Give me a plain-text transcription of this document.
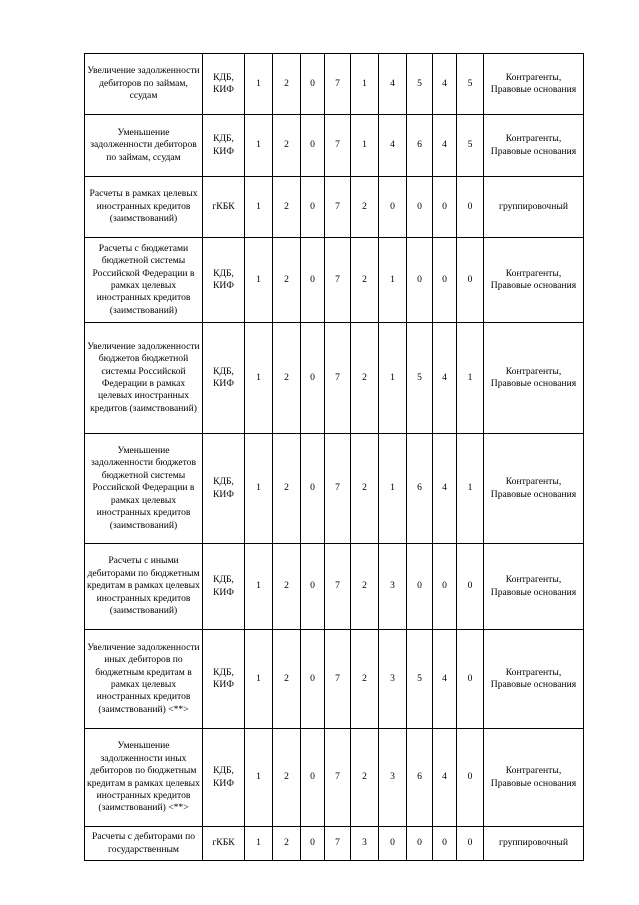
Увеличение задолженности дебиторов по займам, ссудам	КДБ, КИФ	1	2	0	7	1	4	5	4	5	Контрагенты, Правовые основания
Уменьшение задолженности дебиторов по займам, ссудам	КДБ, КИФ	1	2	0	7	1	4	6	4	5	Контрагенты, Правовые основания
Расчеты в рамках целевых иностранных кредитов (заимствований)	гКБК	1	2	0	7	2	0	0	0	0	группировочный
Расчеты с бюджетами бюджетной системы Российской Федерации в рамках целевых иностранных кредитов (заимствований)	КДБ, КИФ	1	2	0	7	2	1	0	0	0	Контрагенты, Правовые основания
Увеличение задолженности бюджетов бюджетной системы Российской Федерации в рамках целевых иностранных кредитов (заимствований)	КДБ, КИФ	1	2	0	7	2	1	5	4	1	Контрагенты, Правовые основания
Уменьшение задолженности бюджетов бюджетной системы Российской Федерации в рамках целевых иностранных кредитов (заимствований)	КДБ, КИФ	1	2	0	7	2	1	6	4	1	Контрагенты, Правовые основания
Расчеты с иными дебиторами по бюджетным кредитам в рамках целевых иностранных кредитов (заимствований)	КДБ, КИФ	1	2	0	7	2	3	0	0	0	Контрагенты, Правовые основания
Увеличение задолженности иных дебиторов по бюджетным кредитам в рамках целевых иностранных кредитов (заимствований) <**>	КДБ, КИФ	1	2	0	7	2	3	5	4	0	Контрагенты, Правовые основания
Уменьшение задолженности иных дебиторов по бюджетным кредитам в рамках целевых иностранных кредитов (заимствований) <**>	КДБ, КИФ	1	2	0	7	2	3	6	4	0	Контрагенты, Правовые основания
Расчеты с дебиторами по государственным	гКБК	1	2	0	7	3	0	0	0	0	группировочный
